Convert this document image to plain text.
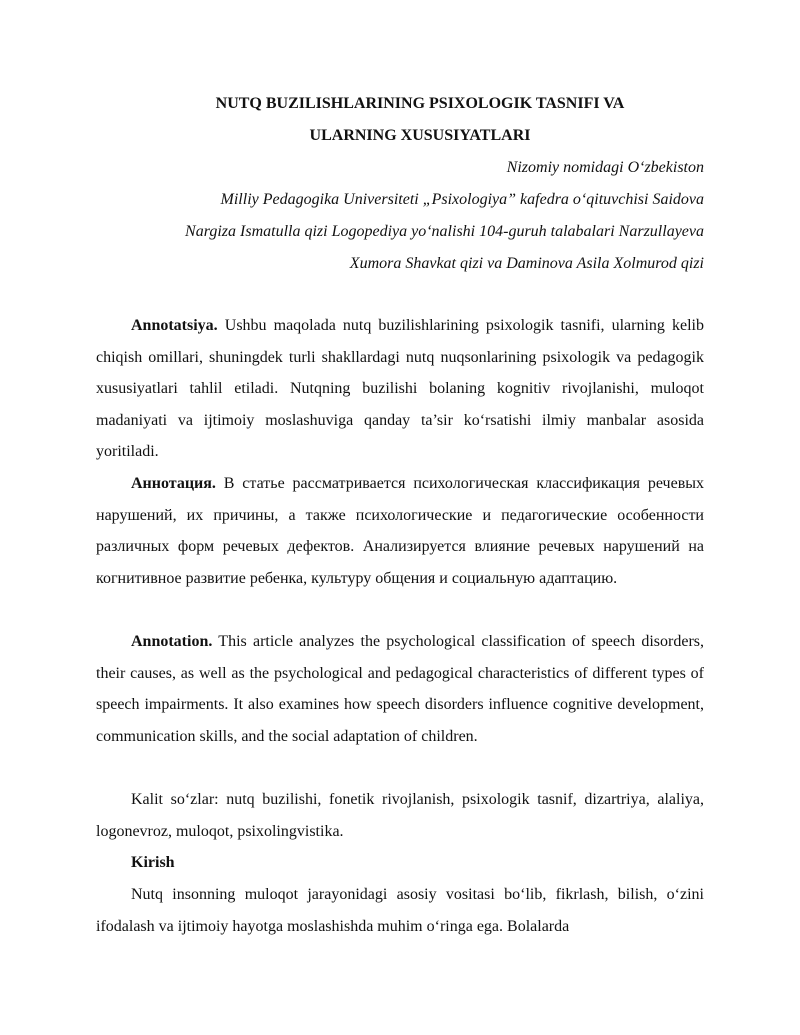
NUTQ BUZILISHLARINING PSIXOLOGIK TASNIFI VA
ULARNING XUSUSIYATLARI
Nizomiy nomidagi O‘zbekiston
Milliy Pedagogika Universiteti „Psixologiya” kafedra o‘qituvchisi Saidova
Nargiza Ismatulla qizi Logopediya yo‘nalishi 104-guruh talabalari Narzullayeva
Xumora Shavkat qizi va Daminova Asila Xolmurod qizi

Annotatsiya. Ushbu maqolada nutq buzilishlarining psixologik tasnifi, ularning kelib chiqish omillari, shuningdek turli shakllardagi nutq nuqsonlarining psixologik va pedagogik xususiyatlari tahlil etiladi. Nutqning buzilishi bolaning kognitiv rivojlanishi, muloqot madaniyati va ijtimoiy moslashuviga qanday ta’sir ko‘rsatishi ilmiy manbalar asosida yoritiladi.

Аннотация. В статье рассматривается психологическая классификация речевых нарушений, их причины, а также психологические и педагогические особенности различных форм речевых дефектов. Анализируется влияние речевых нарушений на когнитивное развитие ребенка, культуру общения и социальную адаптацию.

Annotation. This article analyzes the psychological classification of speech disorders, their causes, as well as the psychological and pedagogical characteristics of different types of speech impairments. It also examines how speech disorders influence cognitive development, communication skills, and the social adaptation of children.

Kalit so‘zlar: nutq buzilishi, fonetik rivojlanish, psixologik tasnif, dizartriya, alaliya, logonevroz, muloqot, psixolingvistika.

Kirish

Nutq insonning muloqot jarayonidagi asosiy vositasi bo‘lib, fikrlash, bilish, o‘zini ifodalash va ijtimoiy hayotga moslashishda muhim o‘ringa ega. Bolalarda
